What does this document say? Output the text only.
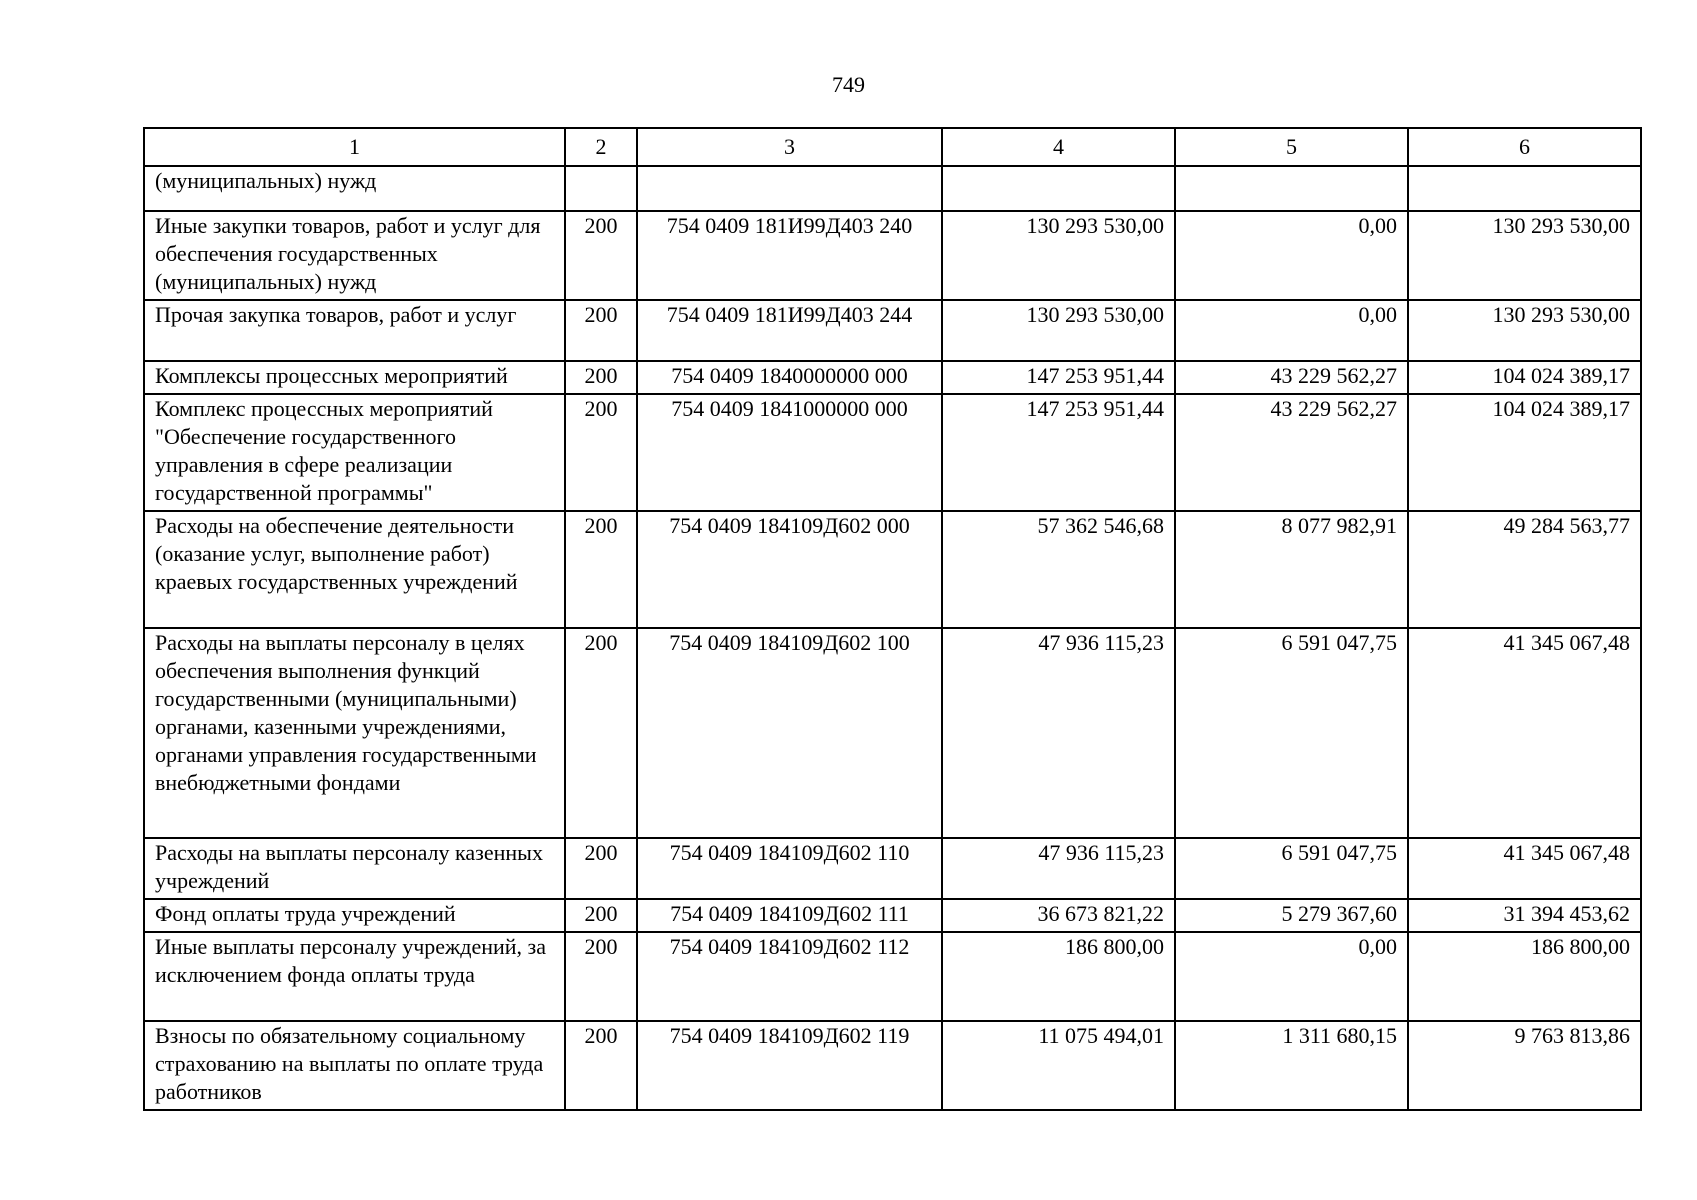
749
1	2	3	4	5	6
(муниципальных) нужд					
Иные закупки товаров, работ и услуг для обеспечения государственных (муниципальных) нужд	200	754 0409 181И99Д403 240	130 293 530,00	0,00	130 293 530,00
Прочая закупка товаров, работ и услуг	200	754 0409 181И99Д403 244	130 293 530,00	0,00	130 293 530,00
Комплексы процессных мероприятий	200	754 0409 1840000000 000	147 253 951,44	43 229 562,27	104 024 389,17
Комплекс процессных мероприятий "Обеспечение государственного управления в сфере реализации государственной программы"	200	754 0409 1841000000 000	147 253 951,44	43 229 562,27	104 024 389,17
Расходы на обеспечение деятельности (оказание услуг, выполнение работ) краевых государственных учреждений	200	754 0409 184109Д602 000	57 362 546,68	8 077 982,91	49 284 563,77
Расходы на выплаты персоналу в целях обеспечения выполнения функций государственными (муниципальными) органами, казенными учреждениями, органами управления государственными внебюджетными фондами	200	754 0409 184109Д602 100	47 936 115,23	6 591 047,75	41 345 067,48
Расходы на выплаты персоналу казенных учреждений	200	754 0409 184109Д602 110	47 936 115,23	6 591 047,75	41 345 067,48
Фонд оплаты труда учреждений	200	754 0409 184109Д602 111	36 673 821,22	5 279 367,60	31 394 453,62
Иные выплаты персоналу учреждений, за исключением фонда оплаты труда	200	754 0409 184109Д602 112	186 800,00	0,00	186 800,00
Взносы по обязательному социальному страхованию на выплаты по оплате труда работников	200	754 0409 184109Д602 119	11 075 494,01	1 311 680,15	9 763 813,86
